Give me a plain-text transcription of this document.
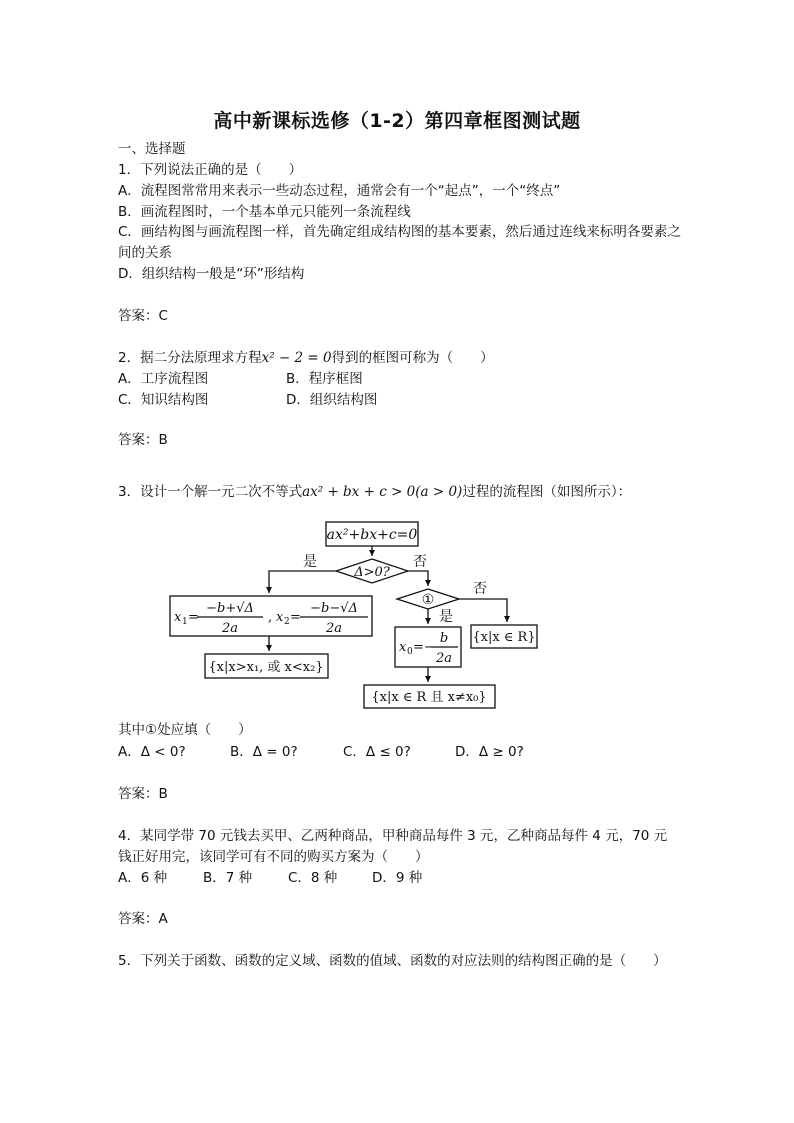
高中新课标选修（1-2）第四章框图测试题
一、选择题
1．下列说法正确的是（　　）
A．流程图常常用来表示一些动态过程，通常会有一个“起点”，一个“终点”
B．画流程图时，一个基本单元只能列一条流程线
C．画结构图与画流程图一样，首先确定组成结构图的基本要素，然后通过连线来标明各要素之间的关系
D．组织结构一般是“环”形结构
答案：C
2．据二分法原理求方程x² − 2 = 0得到的框图可称为（　　）
A．工序流程图	B．程序框图
C．知识结构图	D．组织结构图
答案：B
3．设计一个解一元二次不等式ax² + bx + c > 0(a > 0)过程的流程图（如图所示）：
ax²+bx+c=0
Δ>0?
是	否
①
是
否
x 1 =
−b+√Δ
2a
, x 2 =
−b−√Δ
2a
{x|x>x₁, 或 x<x₂}
x 0 =−
b
2a
{x|x ∈ R 且 x≠x₀}
{x|x ∈ R}
其中①处应填（　　）
A．Δ < 0?	B．Δ = 0?	C．Δ ≤ 0?	D．Δ ≥ 0?
答案：B
4．某同学带 70 元钱去买甲、乙两种商品，甲种商品每件 3 元，乙种商品每件 4 元，70 元
钱正好用完，该同学可有不同的购买方案为（　　）
A．6 种	B．7 种	C．8 种	D．9 种
答案：A
5．下列关于函数、函数的定义域、函数的值域、函数的对应法则的结构图正确的是（　　）
